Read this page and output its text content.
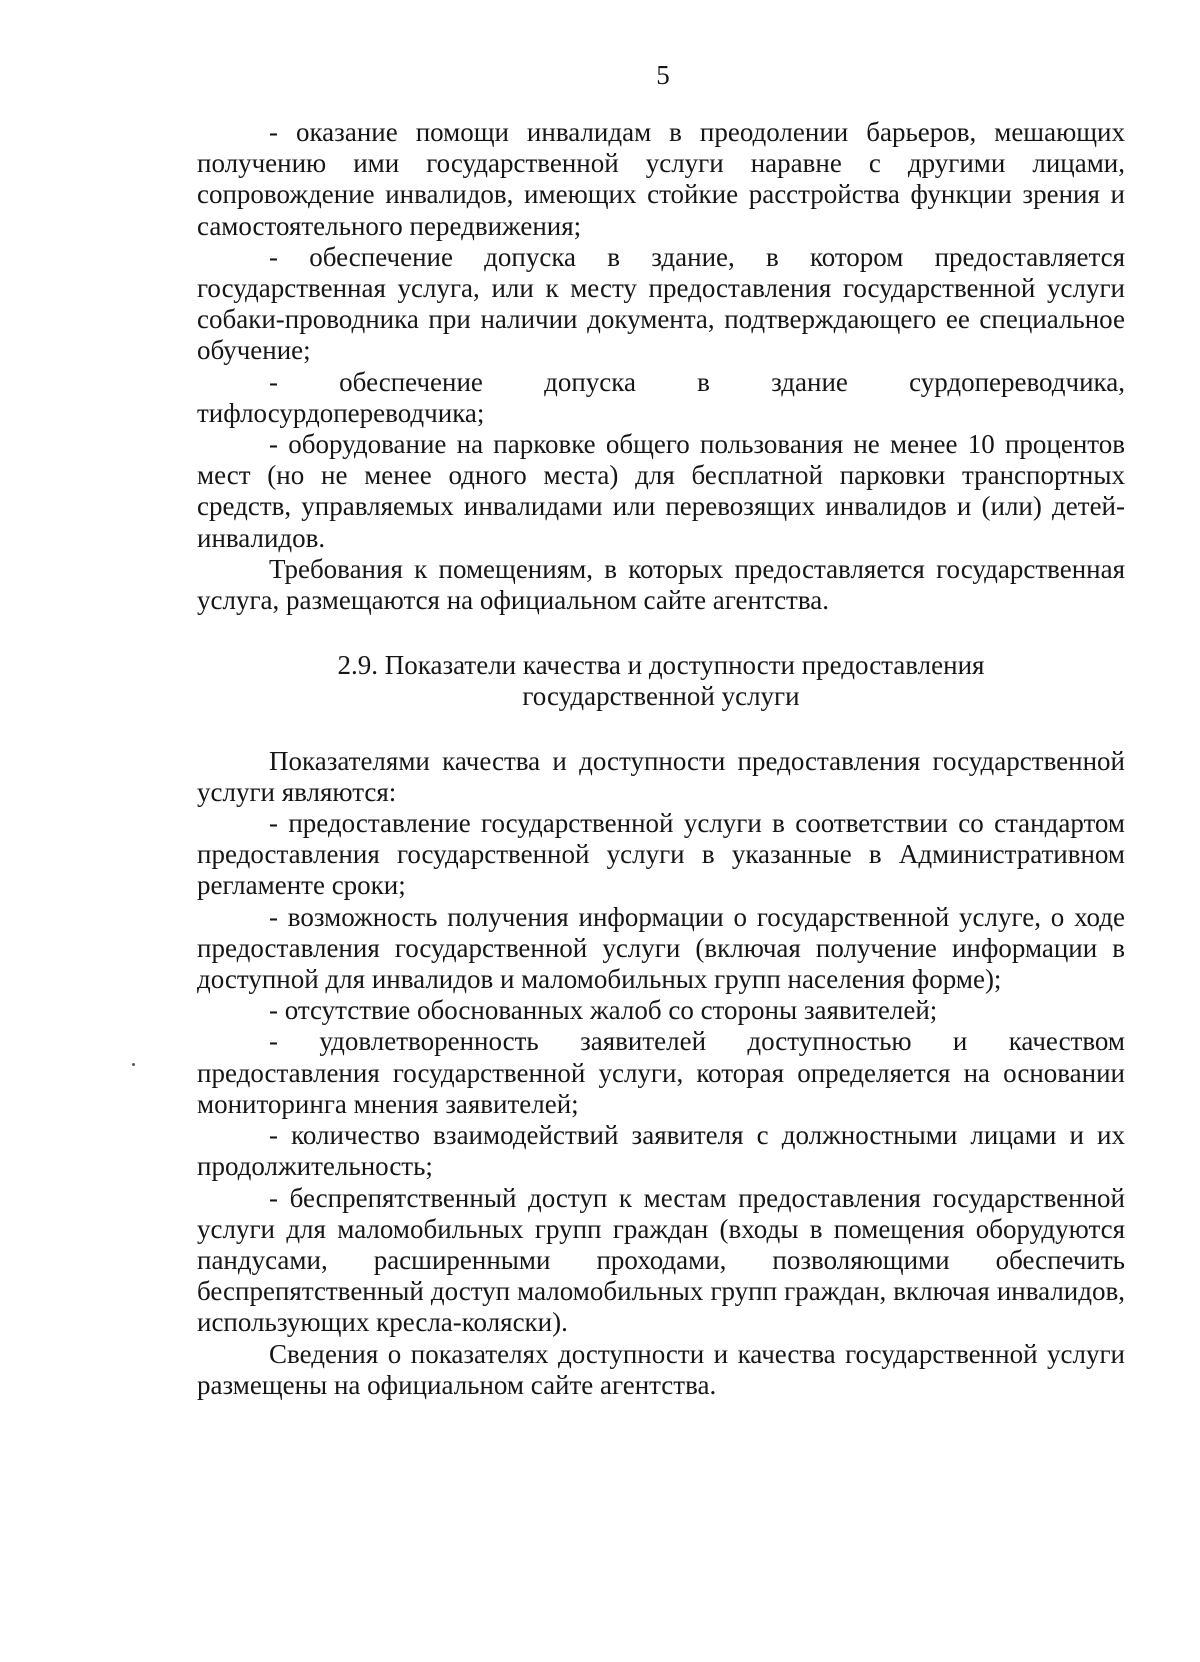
5

- оказание помощи инвалидам в преодолении барьеров, мешающих получению ими государственной услуги наравне с другими лицами, сопровождение инвалидов, имеющих стойкие расстройства функции зрения и самостоятельного передвижения;

- обеспечение допуска в здание, в котором предоставляется государственная услуга, или к месту предоставления государственной услуги собаки-проводника при наличии документа, подтверждающего ее специальное обучение;

- обеспечение допуска в здание сурдопереводчика, тифлосурдопереводчика;

- оборудование на парковке общего пользования не менее 10 процентов мест (но не менее одного места) для бесплатной парковки транспортных средств, управляемых инвалидами или перевозящих инвалидов и (или) детей-инвалидов.

Требования к помещениям, в которых предоставляется государственная услуга, размещаются на официальном сайте агентства.

2.9. Показатели качества и доступности предоставления
государственной услуги

Показателями качества и доступности предоставления государственной услуги являются:

- предоставление государственной услуги в соответствии со стандартом предоставления государственной услуги в указанные в Административном регламенте сроки;

- возможность получения информации о государственной услуге, о ходе предоставления государственной услуги (включая получение информации в доступной для инвалидов и маломобильных групп населения форме);

- отсутствие обоснованных жалоб со стороны заявителей;

- удовлетворенность заявителей доступностью и качеством предоставления государственной услуги, которая определяется на основании мониторинга мнения заявителей;

- количество взаимодействий заявителя с должностными лицами и их продолжительность;

- беспрепятственный доступ к местам предоставления государственной услуги для маломобильных групп граждан (входы в помещения оборудуются пандусами, расширенными проходами, позволяющими обеспечить беспрепятственный доступ маломобильных групп граждан, включая инвалидов, использующих кресла-коляски).

Сведения о показателях доступности и качества государственной услуги размещены на официальном сайте агентства.
